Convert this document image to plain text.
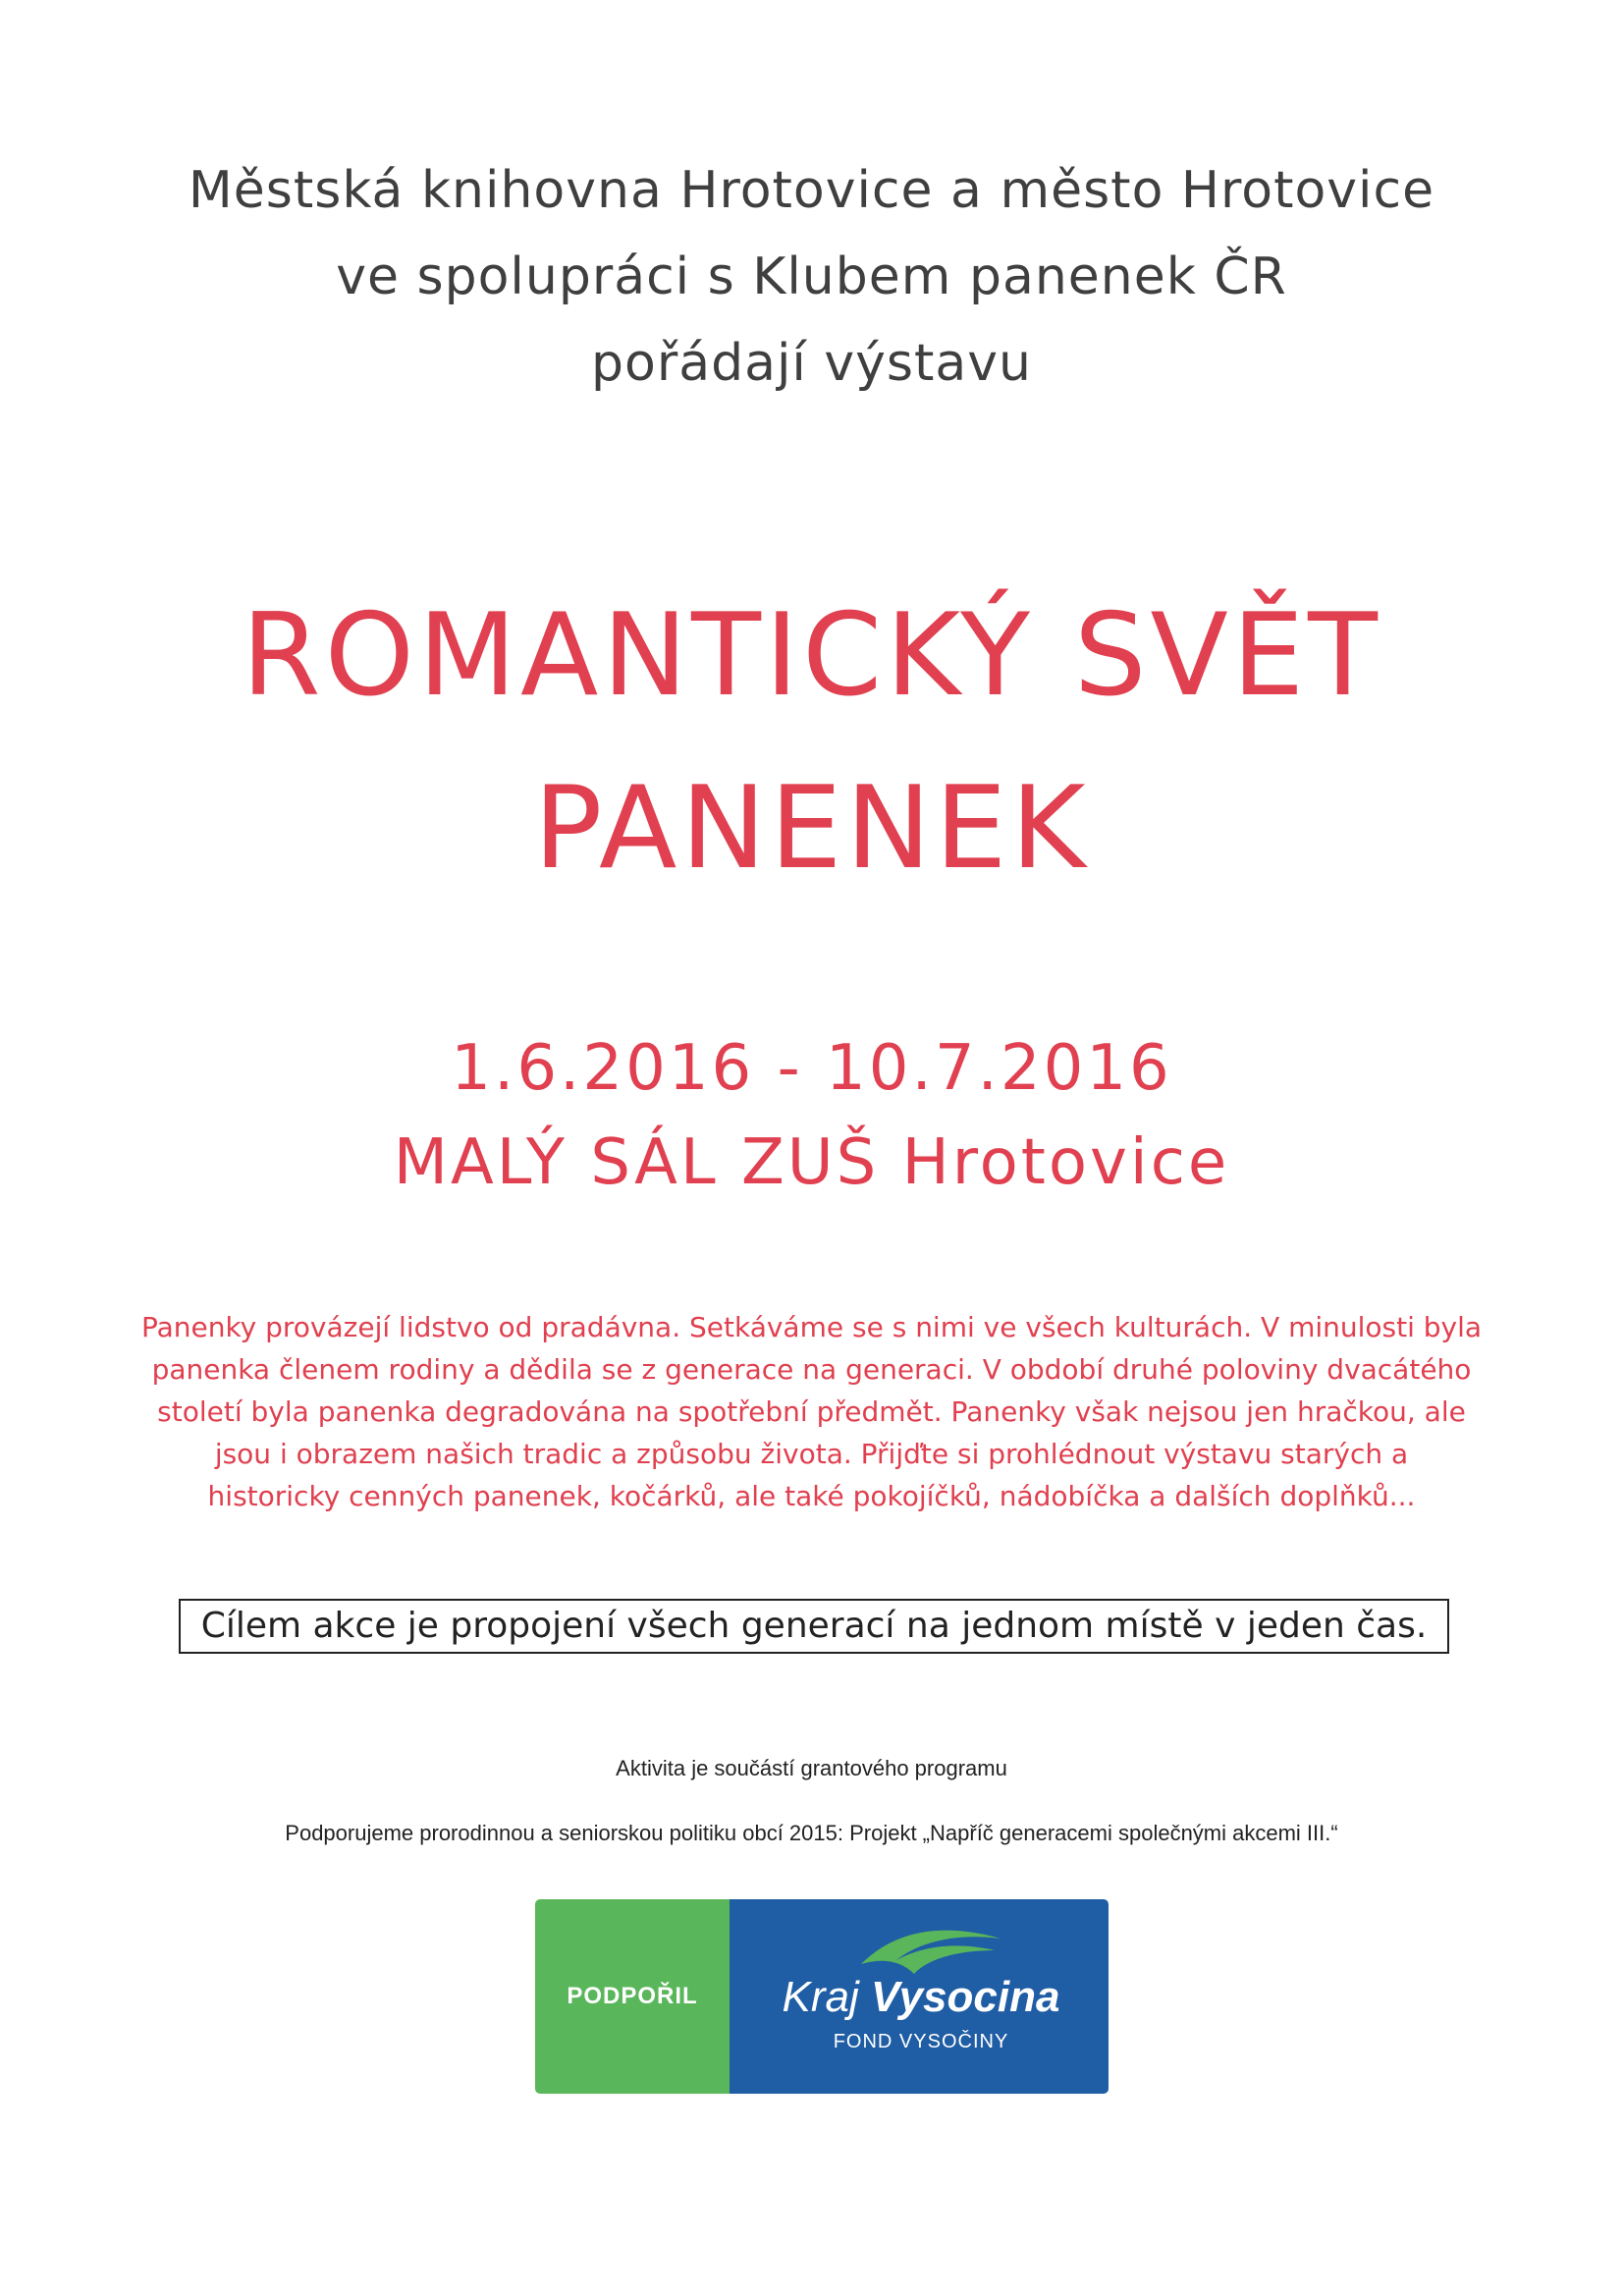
Městská knihovna Hrotovice a město Hrotovice
ve spolupráci s Klubem panenek ČR
pořádají výstavu
ROMANTICKÝ SVĚT
PANENEK
1.6.2016 - 10.7.2016
MALÝ SÁL ZUŠ Hrotovice
Panenky provázejí lidstvo od pradávna. Setkáváme se s nimi ve všech kulturách. V minulosti byla
panenka členem rodiny a dědila se z generace na generaci. V období druhé poloviny dvacátého
století byla panenka degradována na spotřební předmět. Panenky však nejsou jen hračkou, ale
jsou i obrazem našich tradic a způsobu života. Přijďte si prohlédnout výstavu starých a
historicky cenných panenek, kočárků, ale také pokojíčků, nádobíčka a dalších doplňků...
Cílem akce je propojení všech generací na jednom místě v jeden čas.
Aktivita je součástí grantového programu
Podporujeme prorodinnou a seniorskou politiku obcí 2015: Projekt „Napříč generacemi společnými akcemi III.“
PODPOŘIL	Kraj Vysocina
FOND VYSOČINY
